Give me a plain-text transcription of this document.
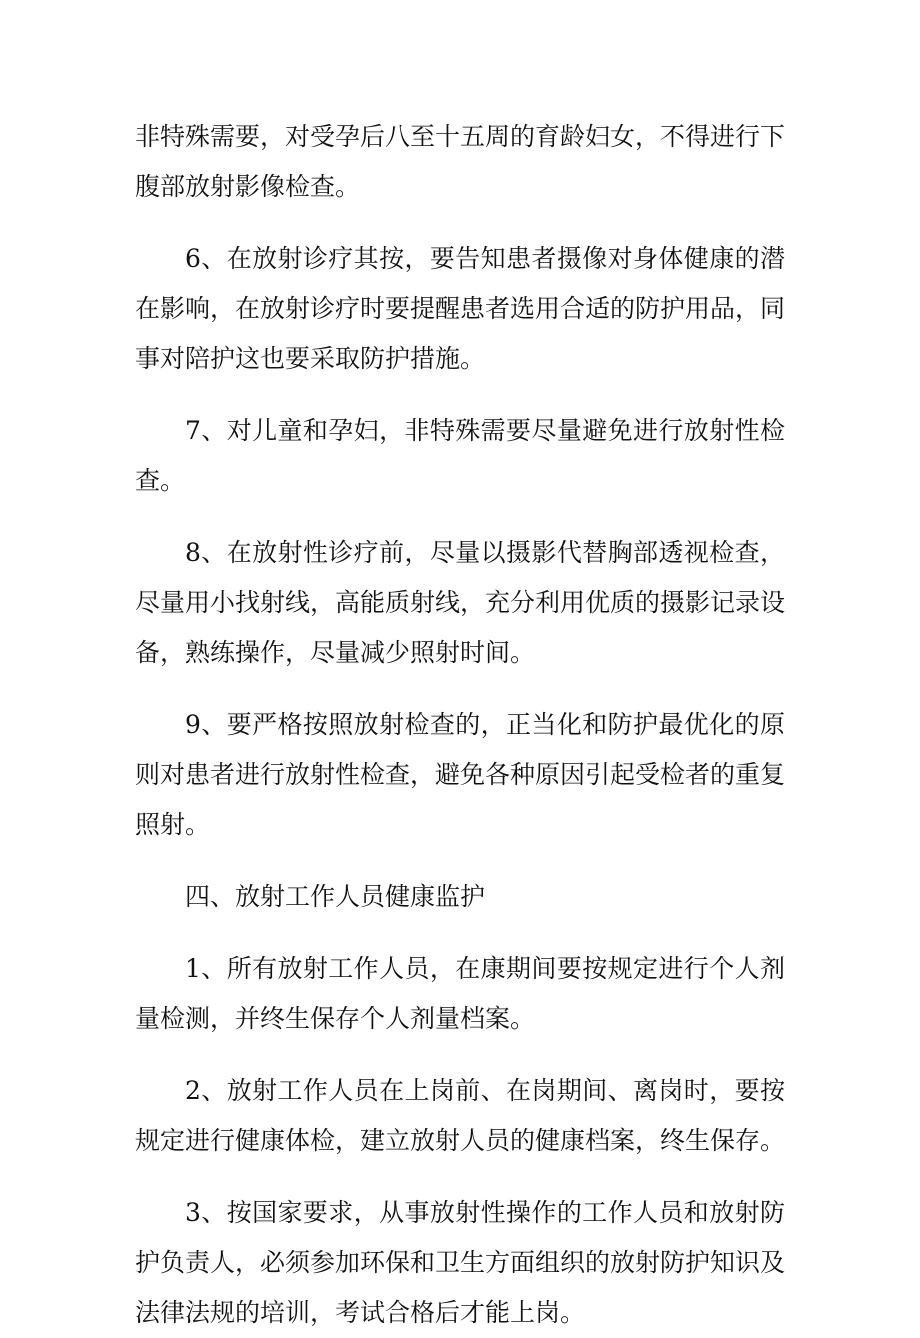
非特殊需要，对受孕后八至十五周的育龄妇女，不得进行下腹部放射影像检查。

6、在放射诊疗其按，要告知患者摄像对身体健康的潜在影响，在放射诊疗时要提醒患者选用合适的防护用品，同事对陪护这也要采取防护措施。

7、对儿童和孕妇，非特殊需要尽量避免进行放射性检查。

8、在放射性诊疗前，尽量以摄影代替胸部透视检查，尽量用小找射线，高能质射线，充分利用优质的摄影记录设备，熟练操作，尽量减少照射时间。

9、要严格按照放射检查的，正当化和防护最优化的原则对患者进行放射性检查，避免各种原因引起受检者的重复照射。

四、放射工作人员健康监护

1、所有放射工作人员，在康期间要按规定进行个人剂量检测，并终生保存个人剂量档案。

2、放射工作人员在上岗前、在岗期间、离岗时，要按规定进行健康体检，建立放射人员的健康档案，终生保存。

3、按国家要求，从事放射性操作的工作人员和放射防护负责人，必须参加环保和卫生方面组织的放射防护知识及法律法规的培训，考试合格后才能上岗。
